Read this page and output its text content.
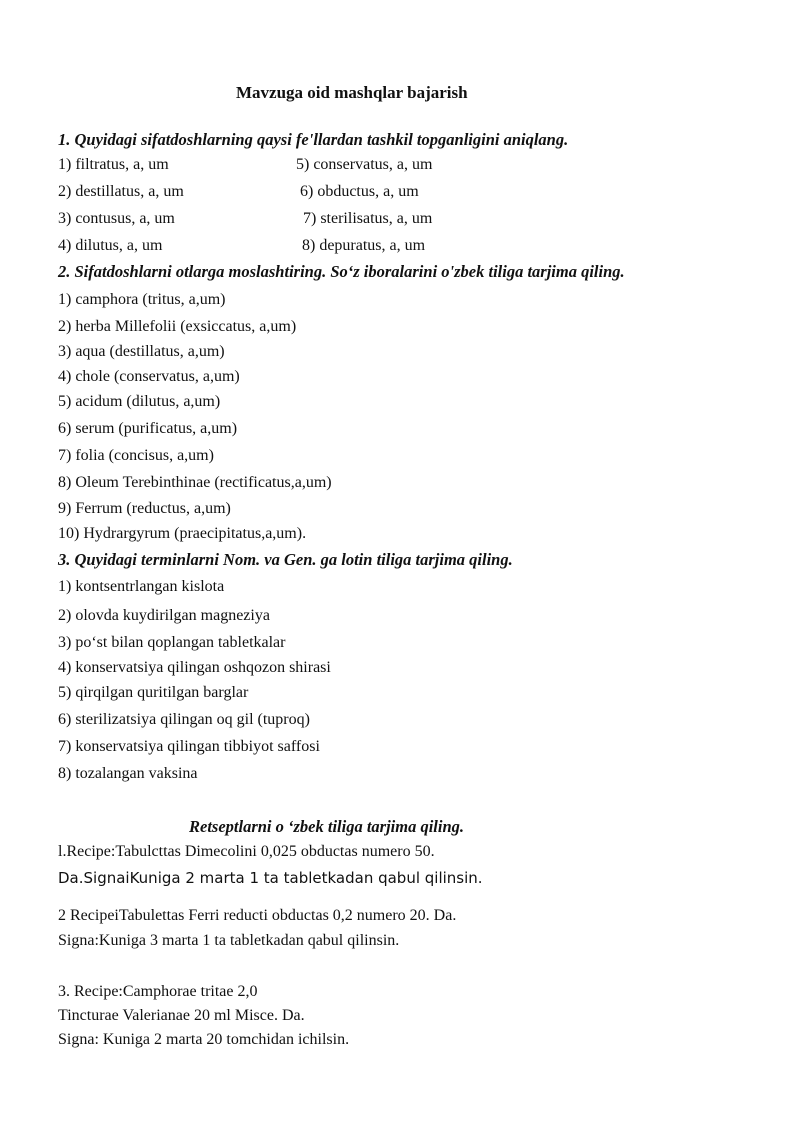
Mavzuga oid mashqlar bajarish
1. Quyidagi sifatdoshlarning qaysi fe'llardan tashkil topganligini aniqlang.
1) filtratus, a, um
2) destillatus, a, um
3) contusus, a, um
4) dilutus, a, um
5) conservatus, a, um
6) obductus, a, um
7) sterilisatus, a, um
8) depuratus, a, um
2. Sifatdoshlarni otlarga moslashtiring. So‘z iboralarini o'zbek tiliga tarjima qiling.
1) camphora (tritus, a,um)
2) herba Millefolii (exsiccatus, a,um)
3) aqua (destillatus, a,um)
4) chole (conservatus, a,um)
5) acidum (dilutus, a,um)
6) serum (purificatus, a,um)
7) folia (concisus, a,um)
8) Oleum Terebinthinae (rectificatus,a,um)
9) Ferrum (reductus, a,um)
10) Hydrargyrum (praecipitatus,a,um).
3. Quyidagi terminlarni Nom. va Gen. ga lotin tiliga tarjima qiling.
1) kontsentrlangan kislota
2) olovda kuydirilgan magneziya
3) po‘st bilan qoplangan tabletkalar
4) konservatsiya qilingan oshqozon shirasi
5) qirqilgan quritilgan barglar
6) sterilizatsiya qilingan oq gil (tuproq)
7) konservatsiya qilingan tibbiyot saffosi
8) tozalangan vaksina
Retseptlarni o ‘zbek tiliga tarjima qiling.
l.Recipe:Tabulcttas Dimecolini 0,025 obductas numero 50.
Da.SignaiKuniga 2 marta 1 ta tabletkadan qabul qilinsin.
2 RecipeiTabulettas Ferri reducti obductas 0,2 numero 20. Da.
Signa:Kuniga 3 marta 1 ta tabletkadan qabul qilinsin.
3. Recipe:Camphorae tritae 2,0
Tincturae Valerianae 20 ml Misce. Da.
Signa: Kuniga 2 marta 20 tomchidan ichilsin.
